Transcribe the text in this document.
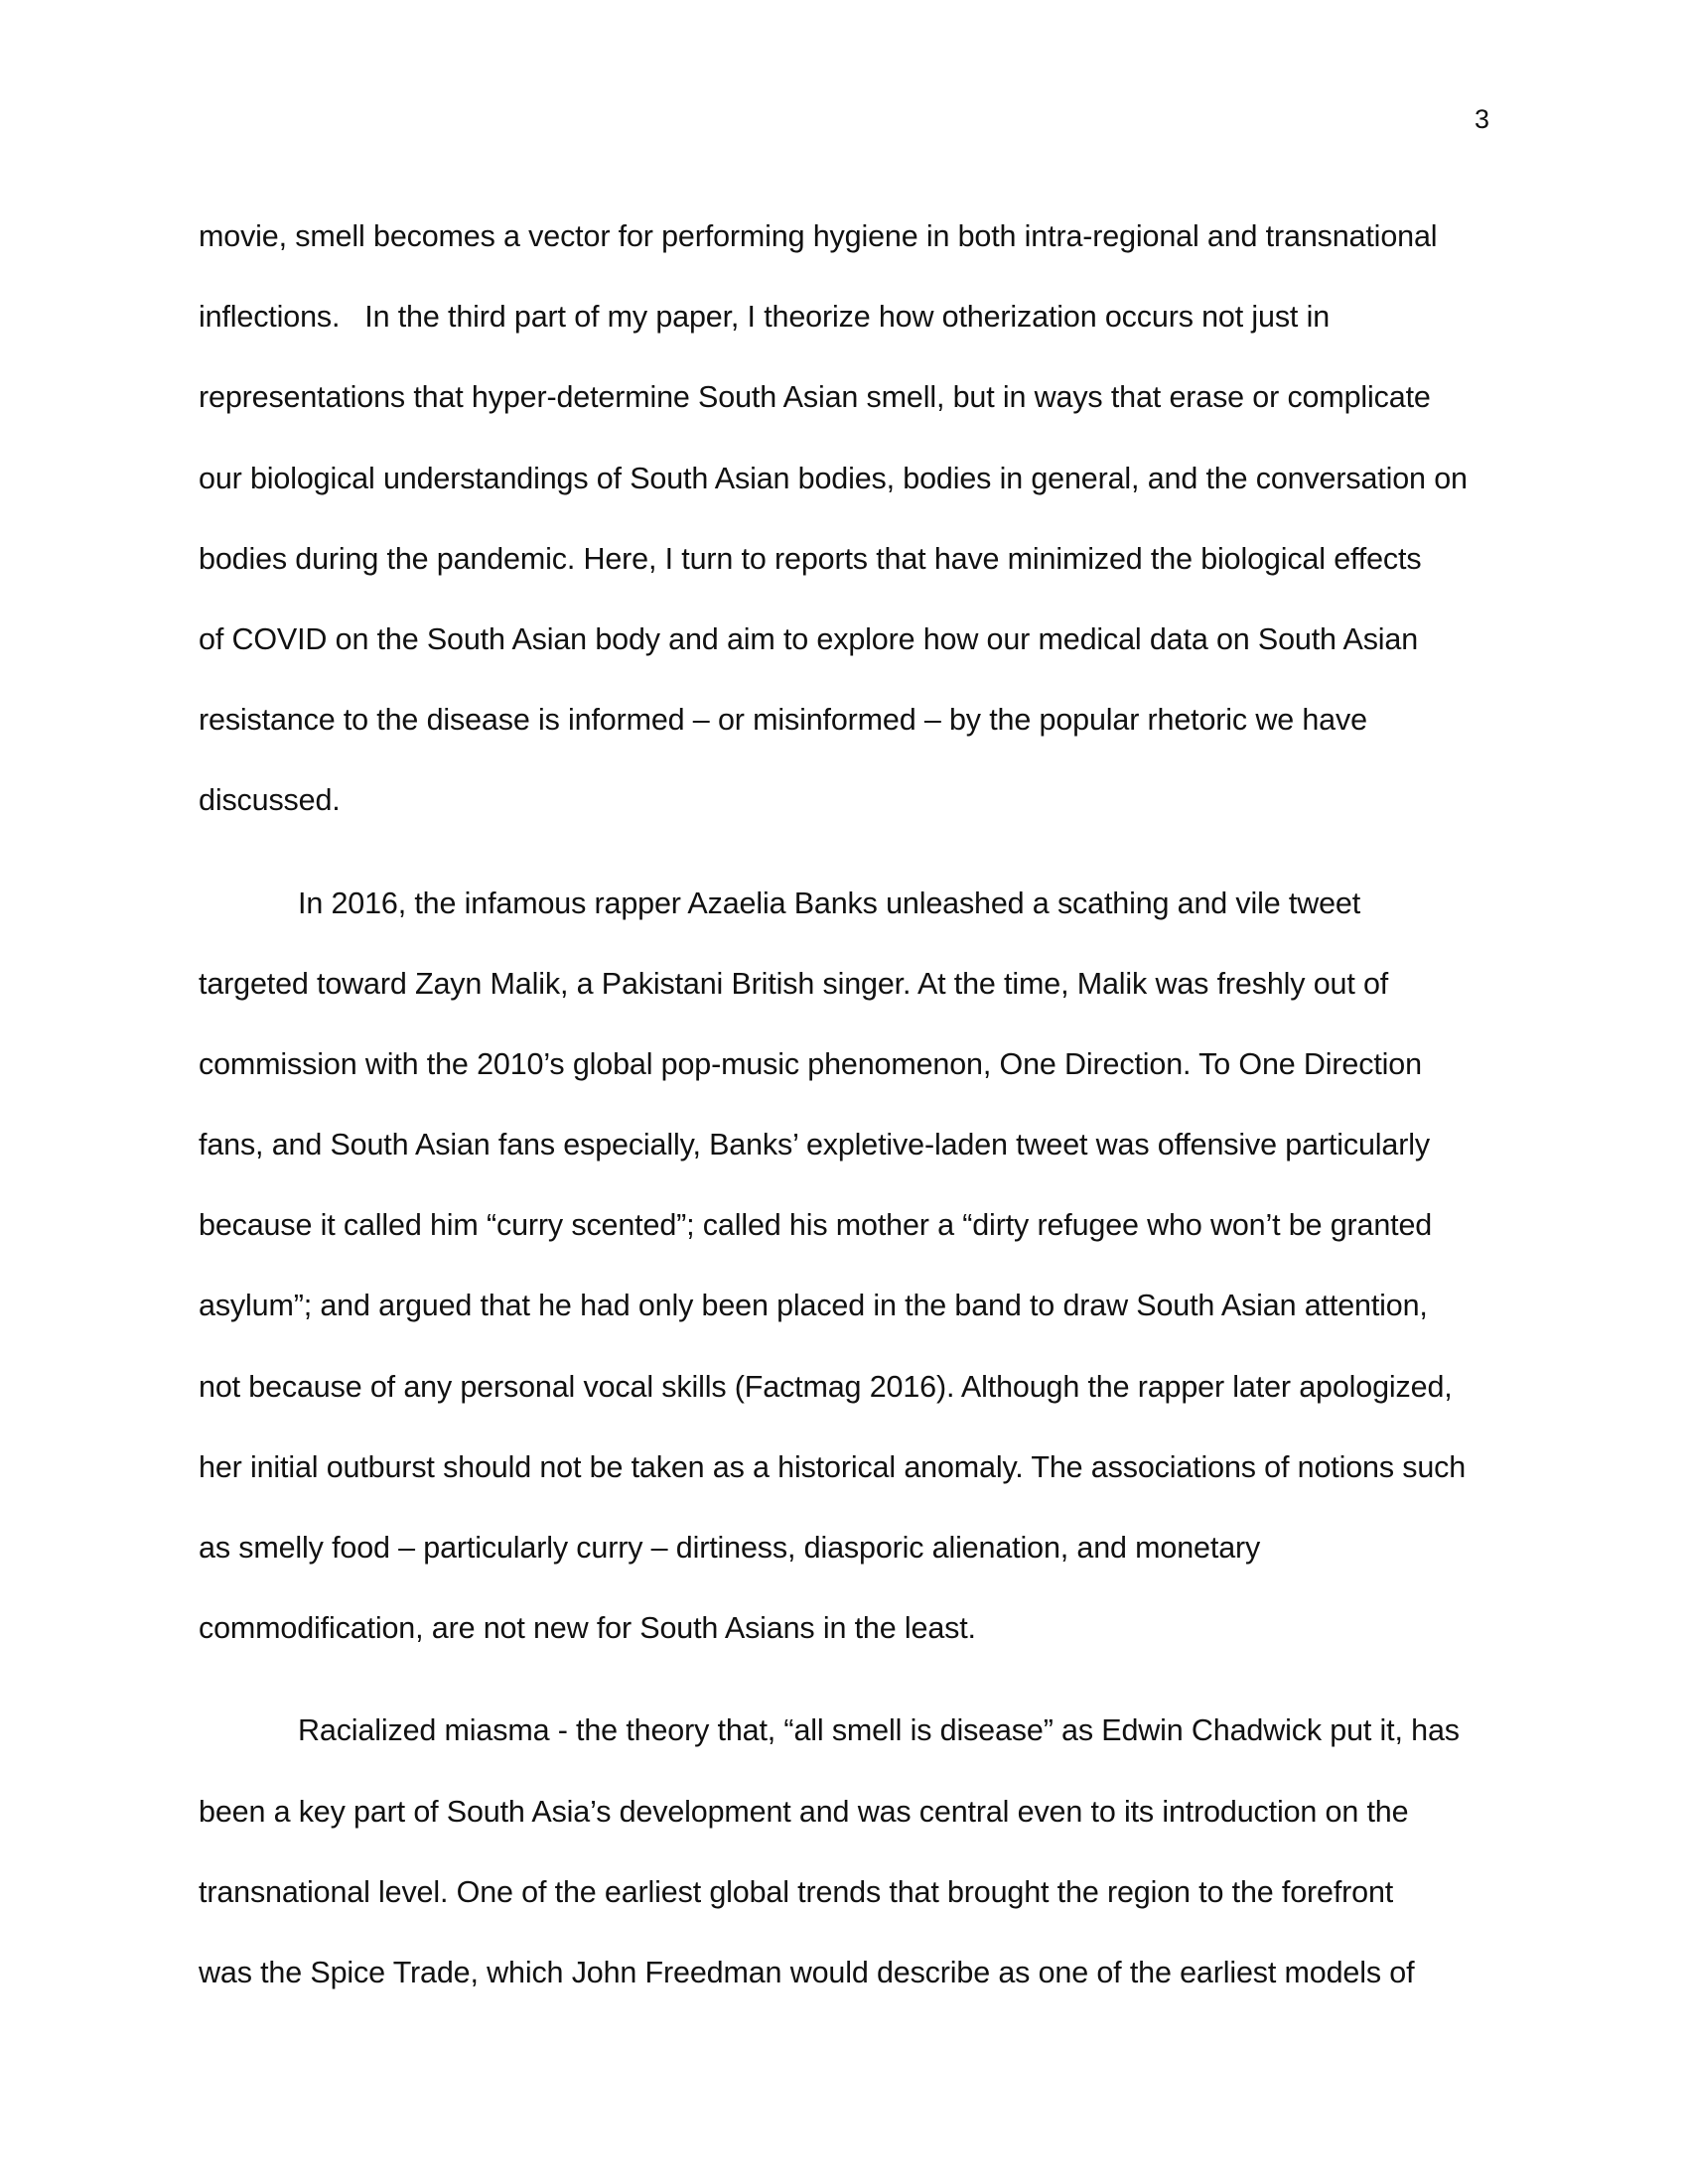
3
movie, smell becomes a vector for performing hygiene in both intra-regional and transnational
inflections.   In the third part of my paper, I theorize how otherization occurs not just in
representations that hyper-determine South Asian smell, but in ways that erase or complicate
our biological understandings of South Asian bodies, bodies in general, and the conversation on
bodies during the pandemic. Here, I turn to reports that have minimized the biological effects
of COVID on the South Asian body and aim to explore how our medical data on South Asian
resistance to the disease is informed – or misinformed – by the popular rhetoric we have
discussed.
In 2016, the infamous rapper Azaelia Banks unleashed a scathing and vile tweet
targeted toward Zayn Malik, a Pakistani British singer. At the time, Malik was freshly out of
commission with the 2010’s global pop-music phenomenon, One Direction. To One Direction
fans, and South Asian fans especially, Banks’ expletive-laden tweet was offensive particularly
because it called him “curry scented”; called his mother a “dirty refugee who won’t be granted
asylum”; and argued that he had only been placed in the band to draw South Asian attention,
not because of any personal vocal skills (Factmag 2016). Although the rapper later apologized,
her initial outburst should not be taken as a historical anomaly. The associations of notions such
as smelly food – particularly curry – dirtiness, diasporic alienation, and monetary
commodification, are not new for South Asians in the least.
Racialized miasma - the theory that, “all smell is disease” as Edwin Chadwick put it, has
been a key part of South Asia’s development and was central even to its introduction on the
transnational level. One of the earliest global trends that brought the region to the forefront
was the Spice Trade, which John Freedman would describe as one of the earliest models of
